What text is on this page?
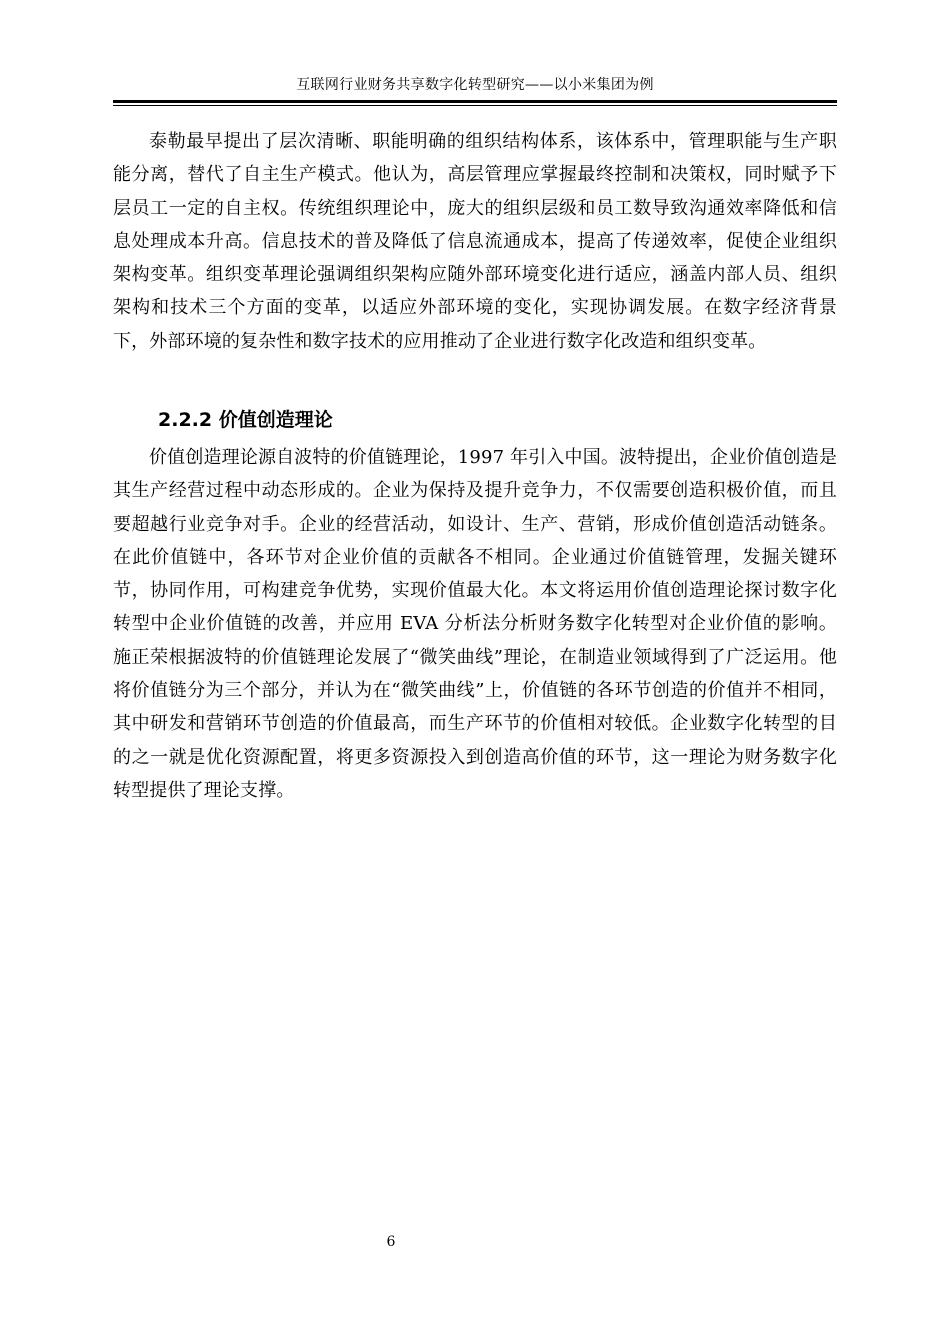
互联网行业财务共享数字化转型研究——以小米集团为例

泰勒最早提出了层次清晰、职能明确的组织结构体系，该体系中，管理职能与生产职能分离，替代了自主生产模式。他认为，高层管理应掌握最终控制和决策权，同时赋予下层员工一定的自主权。传统组织理论中，庞大的组织层级和员工数导致沟通效率降低和信息处理成本升高。信息技术的普及降低了信息流通成本，提高了传递效率，促使企业组织架构变革。组织变革理论强调组织架构应随外部环境变化进行适应，涵盖内部人员、组织架构和技术三个方面的变革，以适应外部环境的变化，实现协调发展。在数字经济背景下，外部环境的复杂性和数字技术的应用推动了企业进行数字化改造和组织变革。

2.2.2 价值创造理论

价值创造理论源自波特的价值链理论，1997 年引入中国。波特提出，企业价值创造是其生产经营过程中动态形成的。企业为保持及提升竞争力，不仅需要创造积极价值，而且要超越行业竞争对手。企业的经营活动，如设计、生产、营销，形成价值创造活动链条。在此价值链中，各环节对企业价值的贡献各不相同。企业通过价值链管理，发掘关键环节，协同作用，可构建竞争优势，实现价值最大化。本文将运用价值创造理论探讨数字化转型中企业价值链的改善，并应用 EVA 分析法分析财务数字化转型对企业价值的影响。 施正荣根据波特的价值链理论发展了“微笑曲线”理论，在制造业领域得到了广泛运用。他将价值链分为三个部分，并认为在“微笑曲线”上，价值链的各环节创造的价值并不相同，其中研发和营销环节创造的价值最高，而生产环节的价值相对较低。企业数字化转型的目的之一就是优化资源配置，将更多资源投入到创造高价值的环节，这一理论为财务数字化转型提供了理论支撑。

6
